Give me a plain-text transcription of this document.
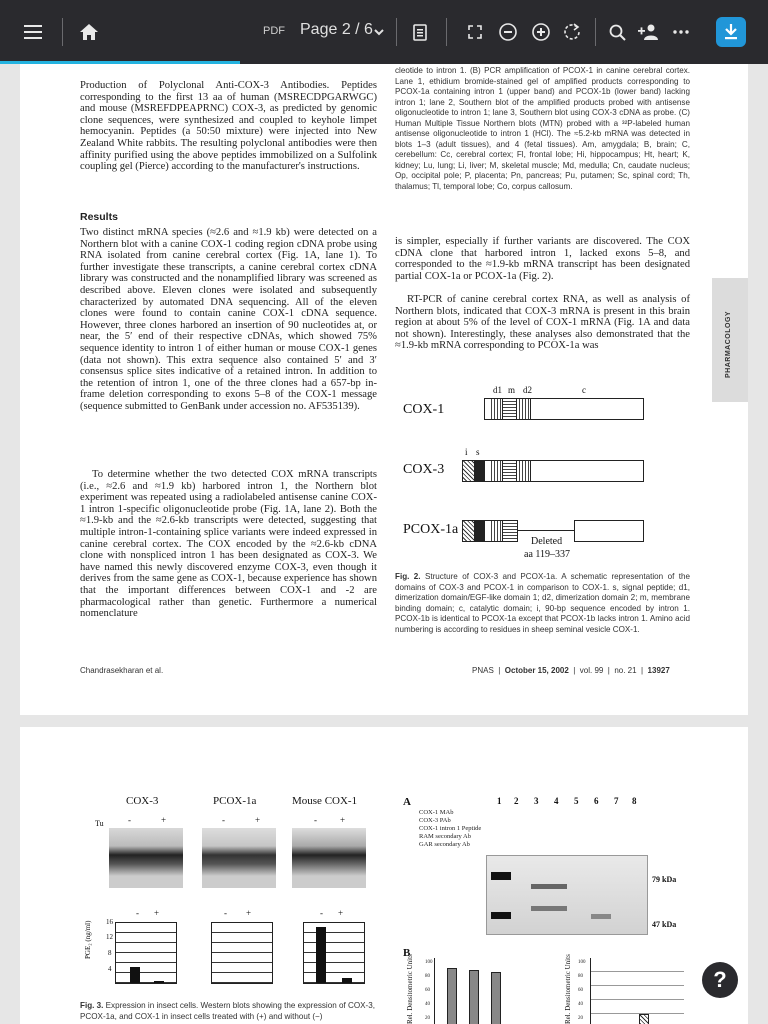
PDF Page 2 / 6
Production of Polyclonal Anti-COX-3 Antibodies. Peptides corresponding to the first 13 aa of human (MSRECDPGARWGC) and mouse (MSREFDPEAPRNC) COX-3, as predicted by genomic clone sequences, were synthesized and coupled to keyhole limpet hemocyanin. Peptides (a 50:50 mixture) were injected into New Zealand White rabbits. The resulting polyclonal antibodies were then affinity purified using the above peptides immobilized on a Sulfolink coupling gel (Pierce) according to the manufacturer's instructions.
Results
Two distinct mRNA species (≈2.6 and ≈1.9 kb) were detected on a Northern blot with a canine COX-1 coding region cDNA probe using RNA isolated from canine cerebral cortex (Fig. 1A, lane 1). To further investigate these transcripts, a canine cerebral cortex cDNA library was constructed and the nonamplified library was screened as described above. Eleven clones were isolated and subsequently characterized by automated DNA sequencing. All of the eleven clones were found to contain canine COX-1 cDNA sequence. However, three clones harbored an insertion of 90 nucleotides at, or near, the 5′ end of their respective cDNAs, which showed 75% sequence identity to intron 1 of either human or mouse COX-1 genes (data not shown). This extra sequence also contained 5′ and 3′ consensus splice sites indicative of a retained intron. In addition to the retention of intron 1, one of the three clones had a 657-bp in-frame deletion corresponding to exons 5–8 of the COX-1 message (sequence submitted to GenBank under accession no. AF535139).
To determine whether the two detected COX mRNA transcripts (i.e., ≈2.6 and ≈1.9 kb) harbored intron 1, the Northern blot experiment was repeated using a radiolabeled antisense canine COX-1 intron 1-specific oligonucleotide probe (Fig. 1A, lane 2). Both the ≈1.9-kb and the ≈2.6-kb transcripts were detected, suggesting that multiple intron-1-containing splice variants were indeed expressed in canine cerebral cortex. The COX encoded by the ≈2.6-kb cDNA clone with nonspliced intron 1 has been designated as COX-3. We have named this newly discovered enzyme COX-3, even though it derives from the same gene as COX-1, because experience has shown that the important differences between COX-1 and -2 are pharmacological rather than genetic. Furthermore a numerical nomenclature
cleotide to intron 1. (B) PCR amplification of PCOX-1 in canine cerebral cortex. Lane 1, ethidium bromide-stained gel of amplified products corresponding to PCOX-1a containing intron 1 (upper band) and PCOX-1b (lower band) lacking intron 1; lane 2, Southern blot of the amplified products probed with antisense oligonucleotide to intron 1; lane 3, Southern blot using COX-3 cDNA as probe. (C) Human Multiple Tissue Northern blots (MTN) probed with a ³²P-labeled human antisense oligonucleotide to intron 1 (HCl). The ≈5.2-kb mRNA was detected in blots 1–3 (adult tissues), and 4 (fetal tissues). Am, amygdala; B, brain; C, cerebellum: Cc, cerebral cortex; Fl, frontal lobe; Hi, hippocampus; Ht, heart; K, kidney; Lu, lung; Li, liver; M, skeletal muscle; Md, medulla; Cn, caudate nucleus; Op, occipital pole; P, placenta; Pn, pancreas; Pu, putamen; Sc, spinal cord; Th, thalamus; Tl, temporal lobe; Co, corpus callosum.
is simpler, especially if further variants are discovered. The COX cDNA clone that harbored intron 1, lacked exons 5–8, and corresponded to the ≈1.9-kb mRNA transcript has been designated partial COX-1a or PCOX-1a (Fig. 2).
RT-PCR of canine cerebral cortex RNA, as well as analysis of Northern blots, indicated that COX-3 mRNA is present in this brain region at about 5% of the level of COX-1 mRNA (Fig. 1A and data not shown). Interestingly, these analyses also demonstrated that the ≈1.9-kb mRNA corresponding to PCOX-1a was
d1 m d2	c
COX-1
i s
COX-3
PCOX-1a
Deleted
aa 119–337
Fig. 2. Structure of COX-3 and PCOX-1a. A schematic representation of the domains of COX-3 and PCOX-1 in comparison to COX-1. s, signal peptide; d1, dimerization domain/EGF-like domain 1; d2, dimerization domain 2; m, membrane binding domain; c, catalytic domain; i, 90-bp sequence encoded by intron 1. PCOX-1b is identical to PCOX-1a except that PCOX-1b lacks intron 1. Amino acid numbering is according to residues in sheep seminal vesicle COX-1.
Chandrasekharan et al.	PNAS  |  October 15, 2002  |  vol. 99  |  no. 21  |  13927
PHARMACOLOGY
COX-3	PCOX-1a	Mouse COX-1
Tu	-	+	-	+	-	+
- +	- +	- +
PGE₂ (ng/ml) 16
12
8
4
A	1 2 3 4 5 6 7 8
COX-1 MAb
COX-3 PAb
COX-1 intron 1 Peptide
RAM secondary Ab
GAR secondary Ab
79 kDa
47 kDa
B
Rel. Densitometric Units 100
80
60
40
20	Rel. Densitometric Units 100
80
60
40
20
Fig. 3. Expression in insect cells. Western blots showing the expression of COX-3, PCOX-1a, and COX-1 in insect cells treated with (+) and without (−)
?
